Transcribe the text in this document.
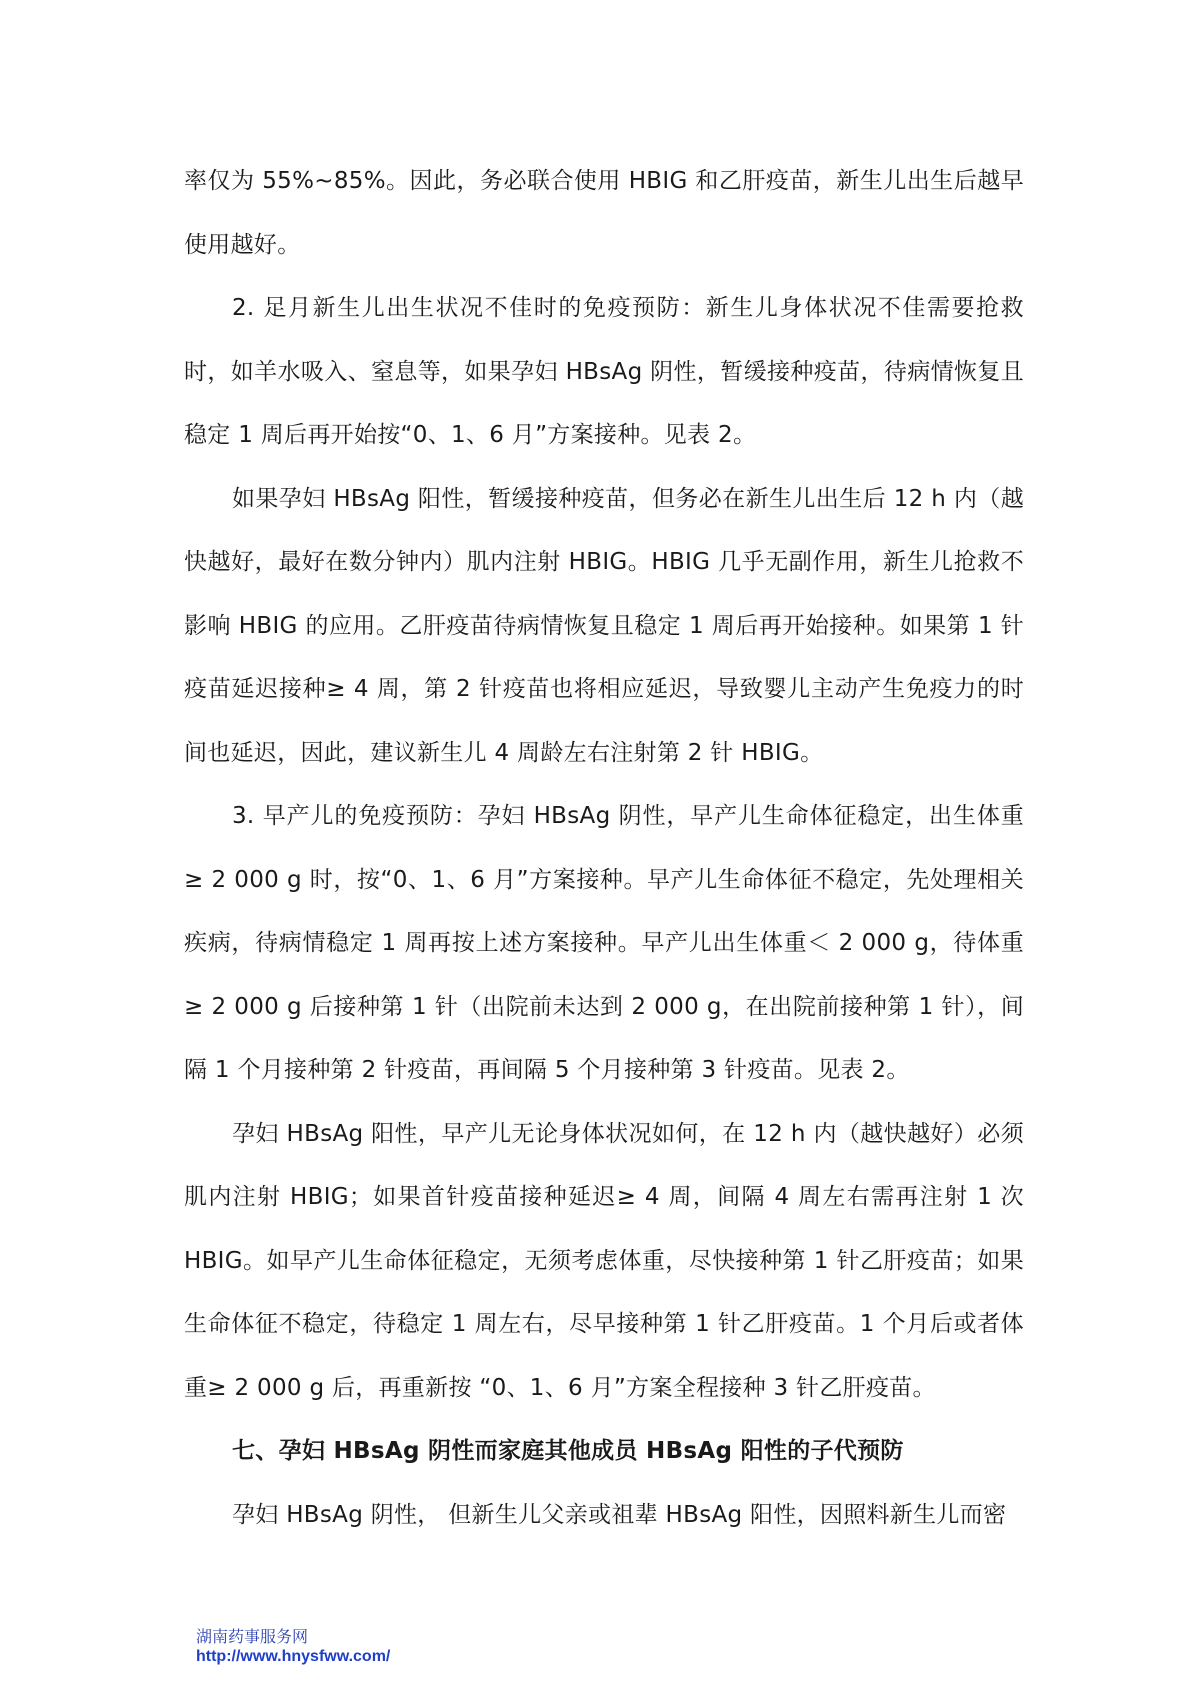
率仅为 55%~85%。因此，务必联合使用 HBIG 和乙肝疫苗，新生儿出生后越早使用越好。

2. 足月新生儿出生状况不佳时的免疫预防：新生儿身体状况不佳需要抢救时，如羊水吸入、窒息等，如果孕妇 HBsAg 阴性，暂缓接种疫苗，待病情恢复且稳定 1 周后再开始按“0、1、6 月”方案接种。见表 2。

如果孕妇 HBsAg 阳性，暂缓接种疫苗，但务必在新生儿出生后 12 h 内（越快越好，最好在数分钟内）肌内注射 HBIG。HBIG 几乎无副作用，新生儿抢救不影响 HBIG 的应用。乙肝疫苗待病情恢复且稳定 1 周后再开始接种。如果第 1 针疫苗延迟接种≥ 4 周，第 2 针疫苗也将相应延迟，导致婴儿主动产生免疫力的时间也延迟，因此，建议新生儿 4 周龄左右注射第 2 针 HBIG。

3. 早产儿的免疫预防：孕妇 HBsAg 阴性，早产儿生命体征稳定，出生体重≥ 2 000 g 时，按“0、1、6 月”方案接种。早产儿生命体征不稳定，先处理相关疾病，待病情稳定 1 周再按上述方案接种。早产儿出生体重＜ 2 000 g，待体重≥ 2 000 g 后接种第 1 针（出院前未达到 2 000 g，在出院前接种第 1 针），间隔 1 个月接种第 2 针疫苗，再间隔 5 个月接种第 3 针疫苗。见表 2。

孕妇 HBsAg 阳性，早产儿无论身体状况如何，在 12 h 内（越快越好）必须肌内注射 HBIG；如果首针疫苗接种延迟≥ 4 周，间隔 4 周左右需再注射 1 次 HBIG。如早产儿生命体征稳定，无须考虑体重，尽快接种第 1 针乙肝疫苗；如果生命体征不稳定，待稳定 1 周左右，尽早接种第 1 针乙肝疫苗。1 个月后或者体重≥ 2 000 g 后，再重新按 “0、1、6 月”方案全程接种 3 针乙肝疫苗。

七、孕妇 HBsAg 阴性而家庭其他成员 HBsAg 阳性的子代预防

孕妇 HBsAg 阴性， 但新生儿父亲或祖辈 HBsAg 阳性，因照料新生儿而密

湖南药事服务网
http://www.hnysfww.com/
